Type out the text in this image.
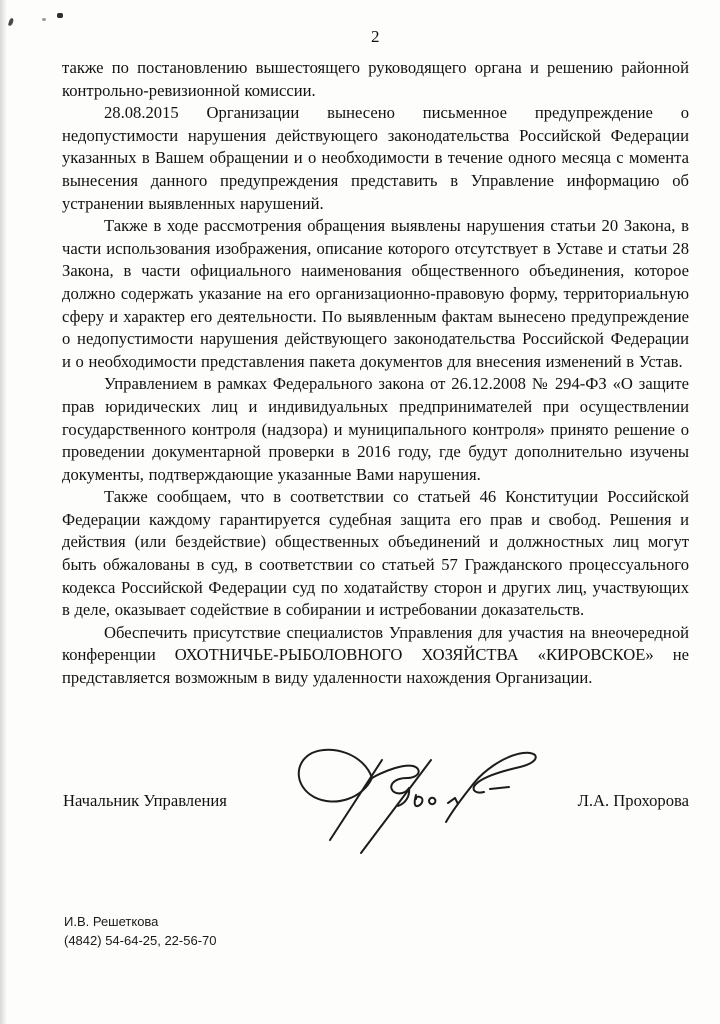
2

также по постановлению вышестоящего руководящего органа и решению районной контрольно-ревизионной комиссии.

28.08.2015 Организации вынесено письменное предупреждение о недопустимости нарушения действующего законодательства Российской Федерации указанных в Вашем обращении и о необходимости в течение одного месяца с момента вынесения данного предупреждения представить в Управление информацию об устранении выявленных нарушений.

Также в ходе рассмотрения обращения выявлены нарушения статьи 20 Закона, в части использования изображения, описание которого отсутствует в Уставе и статьи 28 Закона, в части официального наименования общественного объединения, которое должно содержать указание на его организационно-правовую форму, территориальную сферу и характер его деятельности. По выявленным фактам вынесено предупреждение о недопустимости нарушения действующего законодательства Российской Федерации и о необходимости представления пакета документов для внесения изменений в Устав.

Управлением в рамках Федерального закона от 26.12.2008 № 294-ФЗ «О защите прав юридических лиц и индивидуальных предпринимателей при осуществлении государственного контроля (надзора) и муниципального контроля» принято решение о проведении документарной проверки в 2016 году, где будут дополнительно изучены документы, подтверждающие указанные Вами нарушения.

Также сообщаем, что в соответствии со статьей 46 Конституции Российской Федерации каждому гарантируется судебная защита его прав и свобод. Решения и действия (или бездействие) общественных объединений и должностных лиц могут быть обжалованы в суд, в соответствии со статьей 57 Гражданского процессуального кодекса Российской Федерации суд по ходатайству сторон и других лиц, участвующих в деле, оказывает содействие в собирании и истребовании доказательств.

Обеспечить присутствие специалистов Управления для участия на внеочередной конференции ОХОТНИЧЬЕ-РЫБОЛОВНОГО ХОЗЯЙСТВА «КИРОВСКОЕ» не представляется возможным в виду удаленности нахождения Организации.

Начальник Управления	Л.А. Прохорова
И.В. Решеткова
(4842) 54-64-25, 22-56-70
